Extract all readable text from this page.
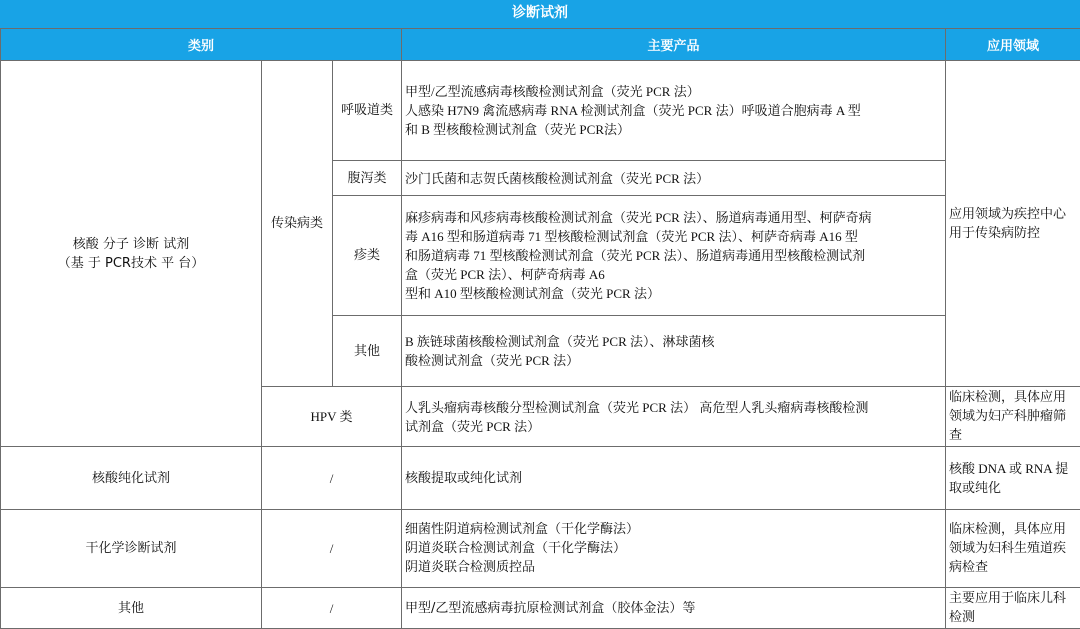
诊断试剂
类别			主要产品	应用领域

核酸 分子 诊断 试剂
（基 于 PCR技术 平 台）	传染病类	呼吸道类	甲型/乙型流感病毒核酸检测试剂盒（荧光 PCR 法）
人感染 H7N9 禽流感病毒 RNA 检测试剂盒（荧光 PCR 法）呼吸道合胞病毒 A 型
和 B 型核酸检测试剂盒（荧光 PCR法）	应用领域为疾控中心用于传染病防控
		腹泻类	沙门氏菌和志贺氏菌核酸检测试剂盒（荧光 PCR 法）	

		疹类	麻疹病毒和风疹病毒核酸检测试剂盒（荧光 PCR 法）、肠道病毒通用型、柯萨奇病
毒 A16 型和肠道病毒 71 型核酸检测试剂盒（荧光 PCR 法）、柯萨奇病毒 A16 型
和肠道病毒 71 型核酸检测试剂盒（荧光 PCR 法）、肠道病毒通用型核酸检测试剂
盒（荧光 PCR 法）、柯萨奇病毒 A6
型和 A10 型核酸检测试剂盒（荧光 PCR 法）	

		其他	B 族链球菌核酸检测试剂盒（荧光 PCR 法）、淋球菌核
酸检测试剂盒（荧光 PCR 法）	

	HPV 类		人乳头瘤病毒核酸分型检测试剂盒（荧光 PCR 法） 高危型人乳头瘤病毒核酸检测
试剂盒（荧光 PCR 法）	临床检测，具体应用领域为妇产科肿瘤筛查
核酸纯化试剂	/		核酸提取或纯化试剂	核酸 DNA 或 RNA 提取或纯化
干化学诊断试剂	/		细菌性阴道病检测试剂盒（干化学酶法）
阴道炎联合检测试剂盒（干化学酶法）
阴道炎联合检测质控品	临床检测，具体应用领域为妇科生殖道疾病检查
其他	/		甲型/乙型流感病毒抗原检测试剂盒（胶体金法）等	主要应用于临床儿科检测
